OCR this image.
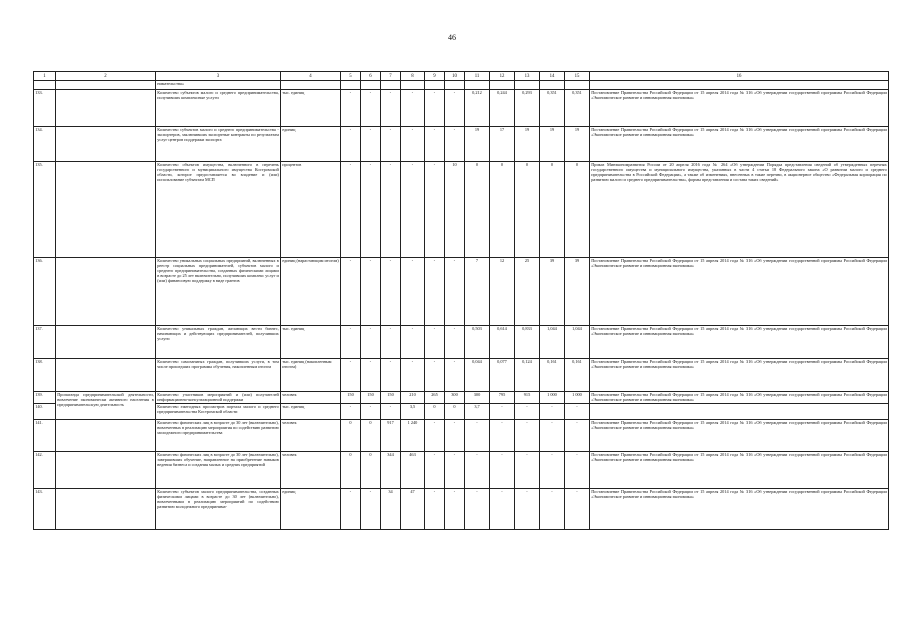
46
1	2	3	4	5	6	7	8	9	10	11	12	13	14	15	16
		нимательства»													
133.		Количество субъектов малого и среднего предпринимательства, получивших комплексные услуги	тыс. единиц	-	-	-	-	-	-	0,212	0,244	0,293	0,351	0,351	Постановление Правительства Российской Федерации от 15 апреля 2014 года № 316 «Об утверждении государственной программы Российской Федерации «Экономическое развитие и инновационная экономика»
134.		Количество субъектов малого и среднего предпринимательства - экспортеров, заключивших экспортные контракты по результатам услуг центров поддержки экспорта	единиц	-	-	-	-	-	-	19	17	19	19	19	Постановление Правительства Российской Федерации от 15 апреля 2014 года № 316 «Об утверждении государственной программы Российской Федерации «Экономическое развитие и инновационная экономика»
135.		Количество объектов имущества, включенного в перечень государственного и муниципального имущества Костромской области, которое предоставляется во владение и (или) использование субъектам МСП	процентов	-	-	-	-	-	10	0	0	0	0	0	Приказ Минэкономразвития России от 20 апреля 2016 года № 264 «Об утверждении Порядка представления сведений об утвержденных перечнях государственного имущества и муниципального имущества, указанных в части 4 статьи 18 Федерального закона «О развитии малого и среднего предпринимательства в Российской Федерации», а также об изменениях, внесенных в такие перечни, в акционерное общество «Федеральная корпорация по развитию малого и среднего предпринимательства», формы представления и состава таких сведений»
136.		Количество уникальных социальных предприятий, включенных в реестр социальных предпринимателей, субъектов малого и среднего предпринимательства, созданных физическими лицами в возрасте до 25 лет включительно, получивших комплекс услуг и (или) финансовую поддержку в виде грантов	единиц (нарастающим итогом)	-	-	-	-	-	-	7	12	25	39	39	Постановление Правительства Российской Федерации от 15 апреля 2014 года № 316 «Об утверждении государственной программы Российской Федерации «Экономическое развитие и инновационная экономика»
137.		Количество уникальных граждан, желающих вести бизнес, начинающих и действующих предпринимателей, получивших услуги	тыс. единиц	-	-	-	-	-	-	0,503	0,614	0,833	1,044	1,044	Постановление Правительства Российской Федерации от 15 апреля 2014 года № 316 «Об утверждении государственной программы Российской Федерации «Экономическое развитие и инновационная экономика»
138.		Количество самозанятых граждан, получивших услуги, в том числе прошедших программы обучения, накопленным итогом	тыс. единиц (накопленным итогом)	-	-	-	-	-	-	0,044	0,077	0,124	0,161	0,161	Постановление Правительства Российской Федерации от 15 апреля 2014 года № 316 «Об утверждении государственной программы Российской Федерации «Экономическое развитие и инновационная экономика»
139.	Пропаганда предпринимательской деятельности, вовлечение экономически активного населения в предпринимательскую деятельность	Количество участников мероприятий и (или) получателей информационно-консультационной поддержки	человек	150	150	150	210	265	300	300	795	915	1 000	1 000	Постановление Правительства Российской Федерации от 15 апреля 2014 года № 316 «Об утверждении государственной программы Российской Федерации «Экономическое развитие и инновационная экономика»
140.		Количество ежегодных просмотров портала малого и среднего предпринимательства Костромской области	тыс. единиц	-	-	-	3,5	0	0	3,7	-	-	-	-	
141.		Количество физических лиц в возрасте до 30 лет (включительно), вовлеченных в реализацию мероприятия по содействию развитию молодежного предпринимательства	человек	0	0	917	1 240	-	-	-	-	-	-	-	Постановление Правительства Российской Федерации от 15 апреля 2014 года № 316 «Об утверждении государственной программы Российской Федерации «Экономическое развитие и инновационная экономика»
142.		Количество физических лиц в возрасте до 30 лет (включительно), завершивших обучение, направленное на приобретение навыков ведения бизнеса и создания малых и средних предприятий	человек	0	0	344	463	-	-	-	-	-	-	-	Постановление Правительства Российской Федерации от 15 апреля 2014 года № 316 «Об утверждении государственной программы Российской Федерации «Экономическое развитие и инновационная экономика»
143.		Количество субъектов малого предпринимательства, созданных физическими лицами в возрасте до 30 лет (включительно), вовлеченными в реализацию мероприятий по содействию развитию молодежного предпринима-	единиц	-	-	34	47	-	-	-	-	-	-	-	Постановление Правительства Российской Федерации от 15 апреля 2014 года № 316 «Об утверждении государственной программы Российской Федерации «Экономическое развитие и инновационная экономика»
